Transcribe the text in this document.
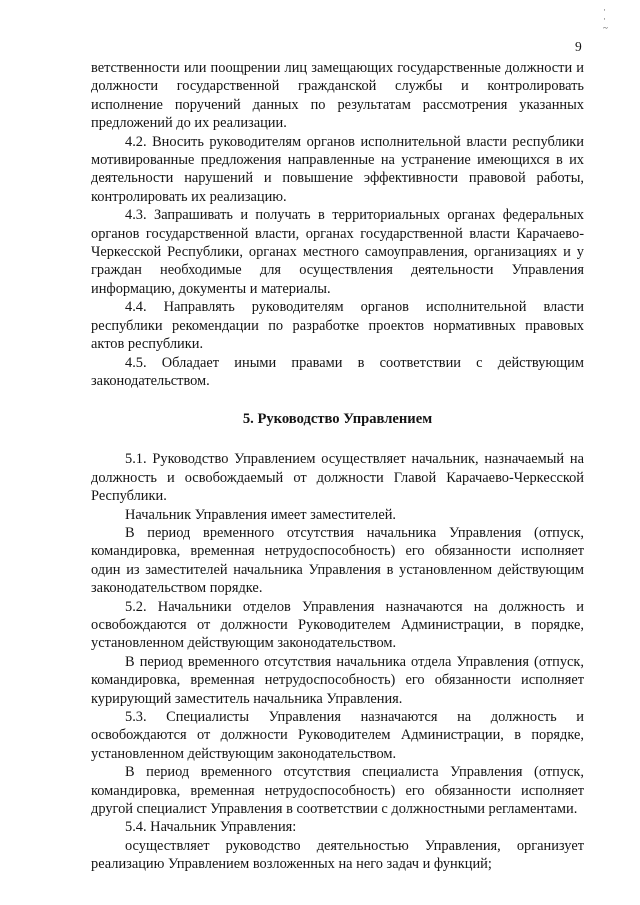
·
·
~
9

ветственности или поощрении лиц замещающих государственные должности и должности государственной гражданской службы и контролировать исполнение поручений данных по результатам рассмотрения указанных предложений до их реализации.

4.2. Вносить руководителям органов исполнительной власти республики мотивированные предложения направленные на устранение имеющихся в их деятельности нарушений и повышение эффективности правовой работы, контролировать их реализацию.

4.3. Запрашивать и получать в территориальных органах федеральных органов государственной власти, органах государственной власти Карачаево-Черкесской Республики, органах местного самоуправления, организациях и у граждан необходимые для осуществления деятельности Управления информацию, документы и материалы.

4.4. Направлять руководителям органов исполнительной власти республики рекомендации по разработке проектов нормативных правовых актов республики.

4.5. Обладает иными правами в соответствии с действующим законодательством.

5. Руководство Управлением

5.1. Руководство Управлением осуществляет начальник, назначаемый на должность и освобождаемый от должности Главой Карачаево-Черкесской Республики.

Начальник Управления имеет заместителей.

В период временного отсутствия начальника Управления (отпуск, командировка, временная нетрудоспособность) его обязанности исполняет один из заместителей начальника Управления в установленном действующим законодательством порядке.

5.2. Начальники отделов Управления назначаются на должность и освобождаются от должности Руководителем Администрации, в порядке, установленном действующим законодательством.

В период временного отсутствия начальника отдела Управления (отпуск, командировка, временная нетрудоспособность) его обязанности исполняет курирующий заместитель начальника Управления.

5.3. Специалисты Управления назначаются на должность и освобождаются от должности Руководителем Администрации, в порядке, установленном действующим законодательством.

В период временного отсутствия специалиста Управления (отпуск, командировка, временная нетрудоспособность) его обязанности исполняет другой специалист Управления в соответствии с должностными регламентами.

5.4. Начальник Управления:

осуществляет руководство деятельностью Управления, организует реализацию Управлением возложенных на него задач и функций;
